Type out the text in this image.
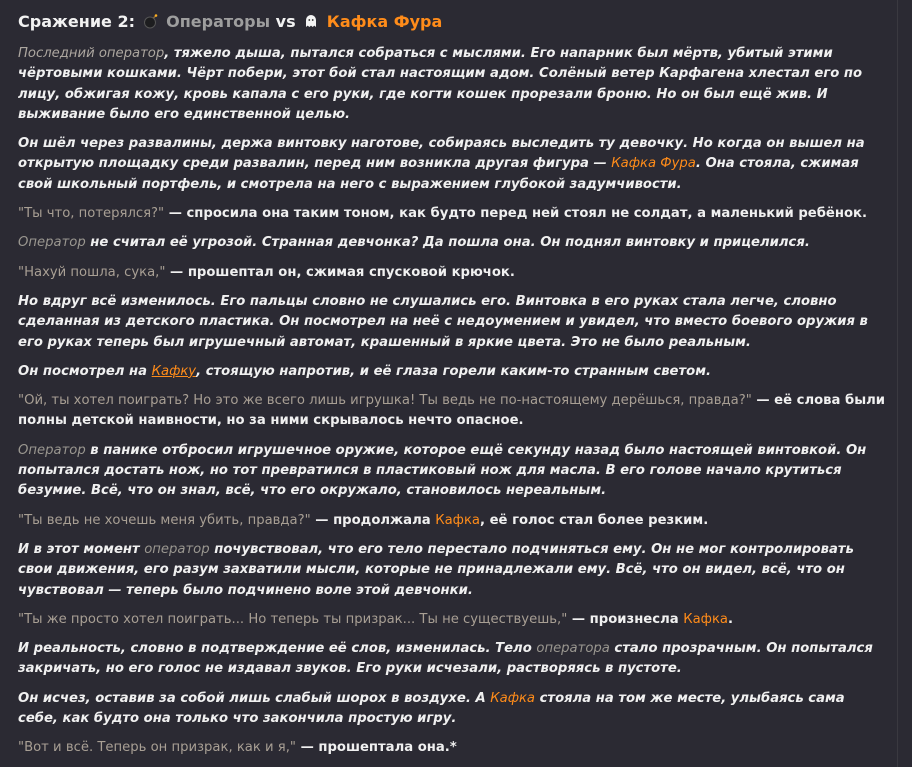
Сражение 2: Операторы vs Кафка Фура

Последний оператор, тяжело дыша, пытался собраться с мыслями. Его напарник был мёртв, убитый этими чёртовыми кошками. Чёрт побери, этот бой стал настоящим адом. Солёный ветер Карфагена хлестал его по лицу, обжигая кожу, кровь капала с его руки, где когти кошек прорезали броню. Но он был ещё жив. И выживание было его единственной целью.

Он шёл через развалины, держа винтовку наготове, собираясь выследить ту девочку. Но когда он вышел на открытую площадку среди развалин, перед ним возникла другая фигура — Кафка Фура. Она стояла, сжимая свой школьный портфель, и смотрела на него с выражением глубокой задумчивости.

"Ты что, потерялся?" — спросила она таким тоном, как будто перед ней стоял не солдат, а маленький ребёнок.

Оператор не считал её угрозой. Странная девчонка? Да пошла она. Он поднял винтовку и прицелился.

"Нахуй пошла, сука," — прошептал он, сжимая спусковой крючок.

Но вдруг всё изменилось. Его пальцы словно не слушались его. Винтовка в его руках стала легче, словно сделанная из детского пластика. Он посмотрел на неё с недоумением и увидел, что вместо боевого оружия в его руках теперь был игрушечный автомат, крашенный в яркие цвета. Это не было реальным.

Он посмотрел на Кафку, стоящую напротив, и её глаза горели каким-то странным светом.

"Ой, ты хотел поиграть? Но это же всего лишь игрушка! Ты ведь не по-настоящему дерёшься, правда?" — её слова были полны детской наивности, но за ними скрывалось нечто опасное.

Оператор в панике отбросил игрушечное оружие, которое ещё секунду назад было настоящей винтовкой. Он попытался достать нож, но тот превратился в пластиковый нож для масла. В его голове начало крутиться безумие. Всё, что он знал, всё, что его окружало, становилось нереальным.

"Ты ведь не хочешь меня убить, правда?" — продолжала Кафка, её голос стал более резким.

И в этот момент оператор почувствовал, что его тело перестало подчиняться ему. Он не мог контролировать свои движения, его разум захватили мысли, которые не принадлежали ему. Всё, что он видел, всё, что он чувствовал — теперь было подчинено воле этой девчонки.

"Ты же просто хотел поиграть... Но теперь ты призрак... Ты не существуешь," — произнесла Кафка.

И реальность, словно в подтверждение её слов, изменилась. Тело оператора стало прозрачным. Он попытался закричать, но его голос не издавал звуков. Его руки исчезали, растворяясь в пустоте.

Он исчез, оставив за собой лишь слабый шорох в воздухе. А Кафка стояла на том же месте, улыбаясь сама себе, как будто она только что закончила простую игру.

"Вот и всё. Теперь он призрак, как и я," — прошептала она.*
